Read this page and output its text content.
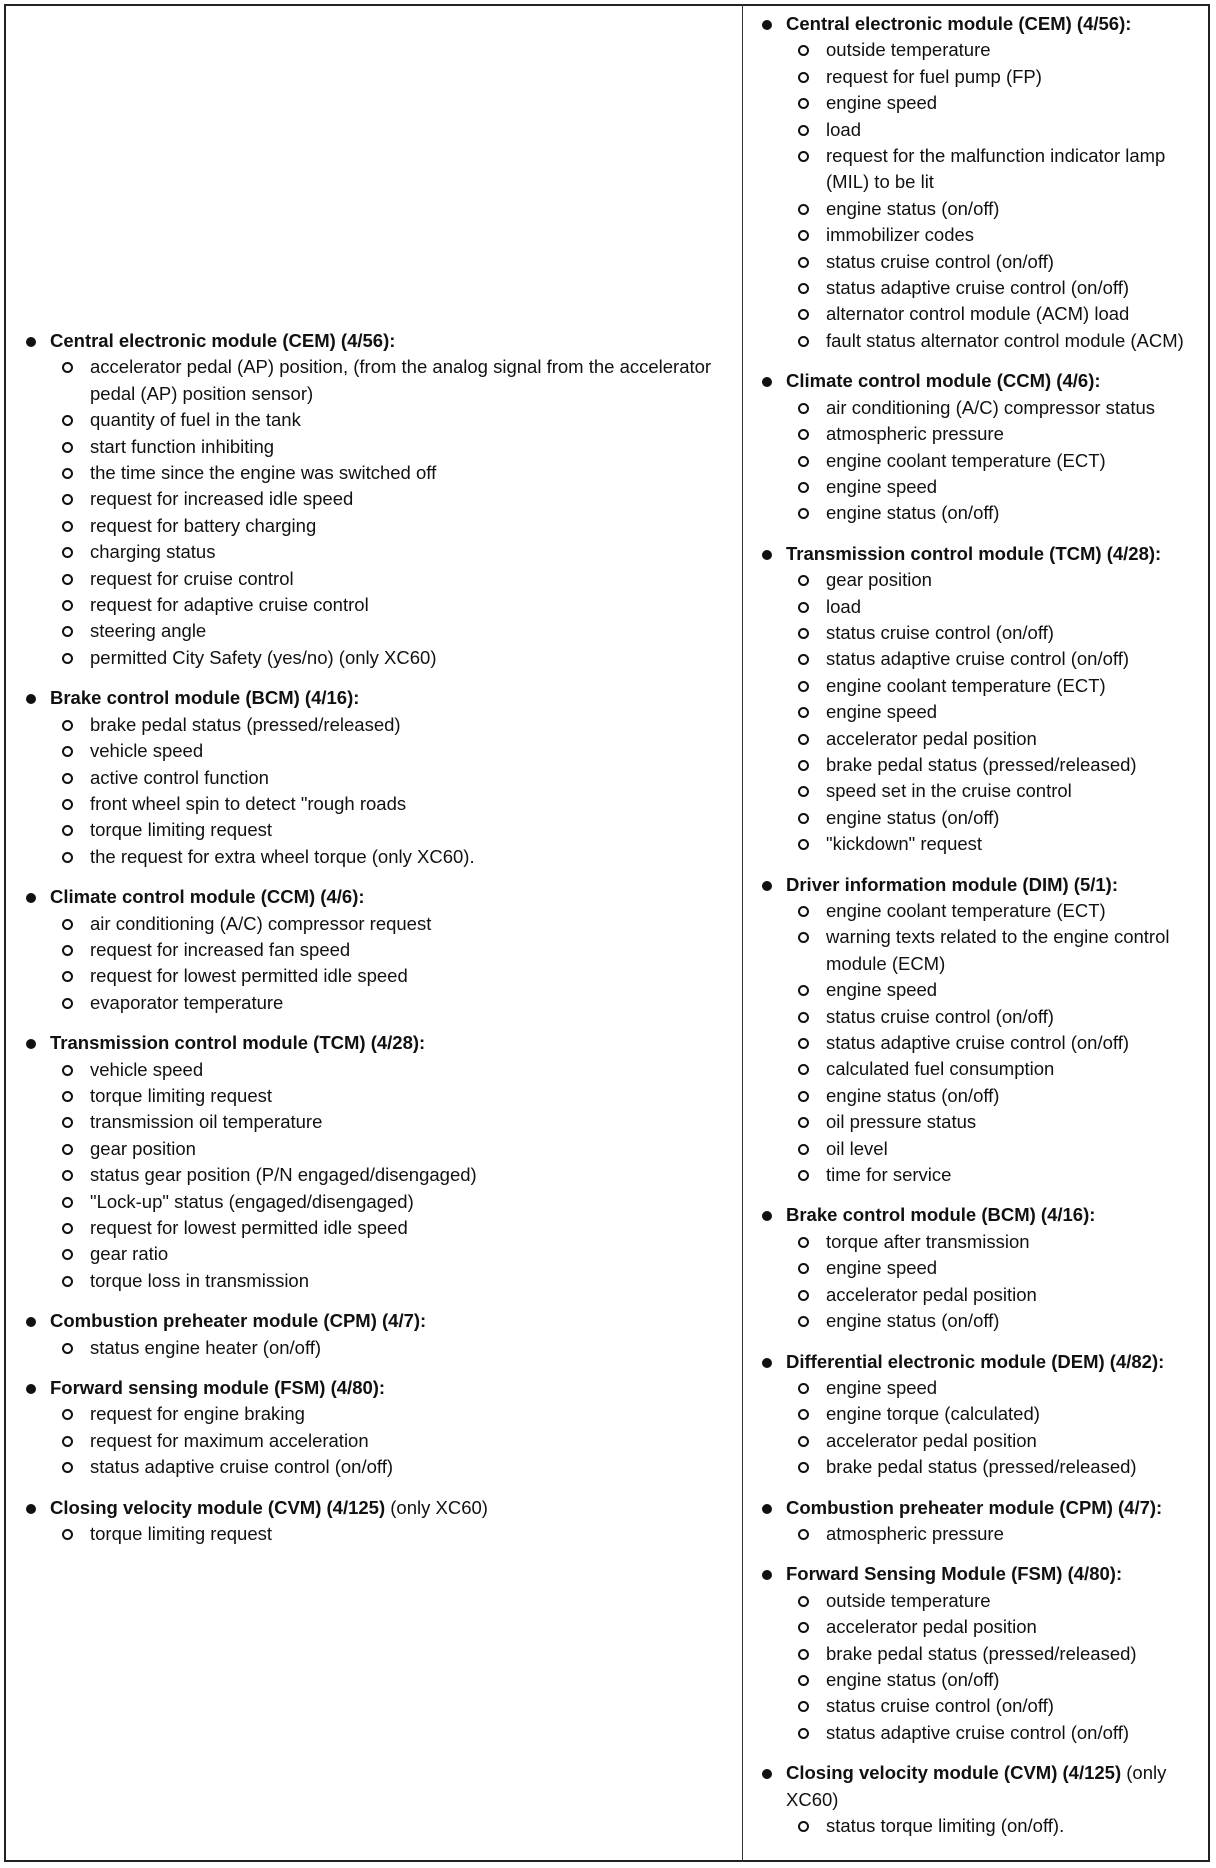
Central electronic module (CEM) (4/56):
accelerator pedal (AP) position, (from the analog signal from the accelerator pedal (AP) position sensor)
quantity of fuel in the tank
start function inhibiting
the time since the engine was switched off
request for increased idle speed
request for battery charging
charging status
request for cruise control
request for adaptive cruise control
steering angle
permitted City Safety (yes/no) (only XC60)
Brake control module (BCM) (4/16):
brake pedal status (pressed/released)
vehicle speed
active control function
front wheel spin to detect "rough roads
torque limiting request
the request for extra wheel torque (only XC60).
Climate control module (CCM) (4/6):
air conditioning (A/C) compressor request
request for increased fan speed
request for lowest permitted idle speed
evaporator temperature
Transmission control module (TCM) (4/28):
vehicle speed
torque limiting request
transmission oil temperature
gear position
status gear position (P/N engaged/disengaged)
"Lock-up" status (engaged/disengaged)
request for lowest permitted idle speed
gear ratio
torque loss in transmission
Combustion preheater module (CPM) (4/7):
status engine heater (on/off)
Forward sensing module (FSM) (4/80):
request for engine braking
request for maximum acceleration
status adaptive cruise control (on/off)
Closing velocity module (CVM) (4/125) (only XC60)
torque limiting request
Central electronic module (CEM) (4/56):
outside temperature
request for fuel pump (FP)
engine speed
load
request for the malfunction indicator lamp (MIL) to be lit
engine status (on/off)
immobilizer codes
status cruise control (on/off)
status adaptive cruise control (on/off)
alternator control module (ACM) load
fault status alternator control module (ACM)
Climate control module (CCM) (4/6):
air conditioning (A/C) compressor status
atmospheric pressure
engine coolant temperature (ECT)
engine speed
engine status (on/off)
Transmission control module (TCM) (4/28):
gear position
load
status cruise control (on/off)
status adaptive cruise control (on/off)
engine coolant temperature (ECT)
engine speed
accelerator pedal position
brake pedal status (pressed/released)
speed set in the cruise control
engine status (on/off)
"kickdown" request
Driver information module (DIM) (5/1):
engine coolant temperature (ECT)
warning texts related to the engine control module (ECM)
engine speed
status cruise control (on/off)
status adaptive cruise control (on/off)
calculated fuel consumption
engine status (on/off)
oil pressure status
oil level
time for service
Brake control module (BCM) (4/16):
torque after transmission
engine speed
accelerator pedal position
engine status (on/off)
Differential electronic module (DEM) (4/82):
engine speed
engine torque (calculated)
accelerator pedal position
brake pedal status (pressed/released)
Combustion preheater module (CPM) (4/7):
atmospheric pressure
Forward Sensing Module (FSM) (4/80):
outside temperature
accelerator pedal position
brake pedal status (pressed/released)
engine status (on/off)
status cruise control (on/off)
status adaptive cruise control (on/off)
Closing velocity module (CVM) (4/125) (only XC60)
status torque limiting (on/off).
